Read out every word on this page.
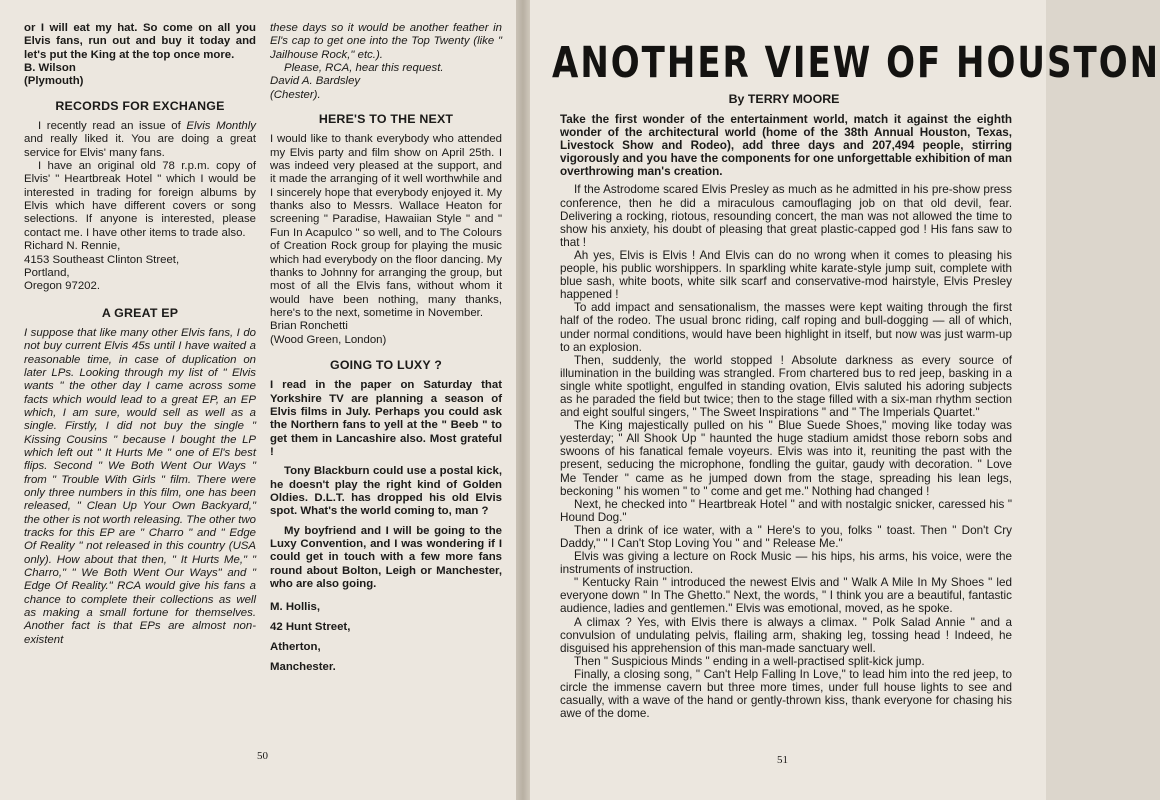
or I will eat my hat. So come on all you Elvis fans, run out and buy it today and let's put the King at the top once more.

B. Wilson

(Plymouth)

RECORDS FOR EXCHANGE

I recently read an issue of Elvis Monthly and really liked it. You are doing a great service for Elvis' many fans.

I have an original old 78 r.p.m. copy of Elvis' " Heartbreak Hotel " which I would be interested in trading for foreign albums by Elvis which have different covers or song selections. If anyone is interested, please contact me. I have other items to trade also.

Richard N. Rennie,

4153 Southeast Clinton Street,

Portland,

Oregon 97202.

A GREAT EP

I suppose that like many other Elvis fans, I do not buy current Elvis 45s until I have waited a reasonable time, in case of duplication on later LPs. Looking through my list of " Elvis wants " the other day I came across some facts which would lead to a great EP, an EP which, I am sure, would sell as well as a single. Firstly, I did not buy the single " Kissing Cousins " because I bought the LP which left out " It Hurts Me " one of El's best flips. Second " We Both Went Our Ways " from " Trouble With Girls " film. There were only three numbers in this film, one has been released, " Clean Up Your Own Backyard," the other is not worth releasing. The other two tracks for this EP are " Charro " and " Edge Of Reality " not released in this country (USA only). How about that then, " It Hurts Me," " Charro," " We Both Went Our Ways" and " Edge Of Reality." RCA would give his fans a chance to complete their collections as well as making a small fortune for themselves. Another fact is that EPs are almost non-existent

these days so it would be another feather in El's cap to get one into the Top Twenty (like " Jailhouse Rock," etc.).

Please, RCA, hear this request.

David A. Bardsley

(Chester).

HERE'S TO THE NEXT

I would like to thank everybody who attended my Elvis party and film show on April 25th. I was indeed very pleased at the support, and it made the arranging of it well worthwhile and I sincerely hope that everybody enjoyed it. My thanks also to Messrs. Wallace Heaton for screening " Paradise, Hawaiian Style " and " Fun In Acapulco " so well, and to The Colours of Creation Rock group for playing the music which had everybody on the floor dancing. My thanks to Johnny for arranging the group, but most of all the Elvis fans, without whom it would have been nothing, many thanks, here's to the next, sometime in November.

Brian Ronchetti

(Wood Green, London)

GOING TO LUXY ?

I read in the paper on Saturday that Yorkshire TV are planning a season of Elvis films in July. Perhaps you could ask the Northern fans to yell at the " Beeb " to get them in Lancashire also. Most grateful !

Tony Blackburn could use a postal kick, he doesn't play the right kind of Golden Oldies. D.L.T. has dropped his old Elvis spot. What's the world coming to, man ?

My boyfriend and I will be going to the Luxy Convention, and I was wondering if I could get in touch with a few more fans round about Bolton, Leigh or Manchester, who are also going.

M. Hollis,

42 Hunt Street,

Atherton,

Manchester.

50
ANOTHER VIEW OF HOUSTON
By TERRY MOORE

Take the first wonder of the entertainment world, match it against the eighth wonder of the architectural world (home of the 38th Annual Houston, Texas, Livestock Show and Rodeo), add three days and 207,494 people, stirring vigorously and you have the components for one unforgettable exhibition of man overthrowing man's creation.

If the Astrodome scared Elvis Presley as much as he admitted in his pre-show press conference, then he did a miraculous camouflaging job on that old devil, fear. Delivering a rocking, riotous, resounding concert, the man was not allowed the time to show his anxiety, his doubt of pleasing that great plastic-capped god ! His fans saw to that !

Ah yes, Elvis is Elvis ! And Elvis can do no wrong when it comes to pleasing his people, his public worshippers. In sparkling white karate-style jump suit, complete with blue sash, white boots, white silk scarf and conservative-mod hairstyle, Elvis Presley happened !

To add impact and sensationalism, the masses were kept waiting through the first half of the rodeo. The usual bronc riding, calf roping and bull-dogging — all of which, under normal conditions, would have been highlight in itself, but now was just warm-up to an explosion.

Then, suddenly, the world stopped ! Absolute darkness as every source of illumination in the building was strangled. From chartered bus to red jeep, basking in a single white spotlight, engulfed in standing ovation, Elvis saluted his adoring subjects as he paraded the field but twice; then to the stage filled with a six-man rhythm section and eight soulful singers, " The Sweet Inspirations " and " The Imperials Quartet."

The King majestically pulled on his " Blue Suede Shoes," moving like today was yesterday; " All Shook Up " haunted the huge stadium amidst those reborn sobs and swoons of his fanatical female voyeurs. Elvis was into it, reuniting the past with the present, seducing the microphone, fondling the guitar, gaudy with decoration. " Love Me Tender " came as he jumped down from the stage, spreading his lean legs, beckoning " his women " to " come and get me." Nothing had changed !

Next, he checked into " Heartbreak Hotel " and with nostalgic snicker, caressed his " Hound Dog."

Then a drink of ice water, with a " Here's to you, folks " toast. Then " Don't Cry Daddy," " I Can't Stop Loving You " and " Release Me."

Elvis was giving a lecture on Rock Music — his hips, his arms, his voice, were the instruments of instruction.

" Kentucky Rain " introduced the newest Elvis and " Walk A Mile In My Shoes " led everyone down " In The Ghetto." Next, the words, " I think you are a beautiful, fantastic audience, ladies and gentlemen." Elvis was emotional, moved, as he spoke.

A climax ? Yes, with Elvis there is always a climax. " Polk Salad Annie " and a convulsion of undulating pelvis, flailing arm, shaking leg, tossing head ! Indeed, he disguised his apprehension of this man-made sanctuary well.

Then " Suspicious Minds " ending in a well-practised split-kick jump.

Finally, a closing song, " Can't Help Falling In Love," to lead him into the red jeep, to circle the immense cavern but three more times, under full house lights to see and casually, with a wave of the hand or gently-thrown kiss, thank everyone for chasing his awe of the dome.

51
